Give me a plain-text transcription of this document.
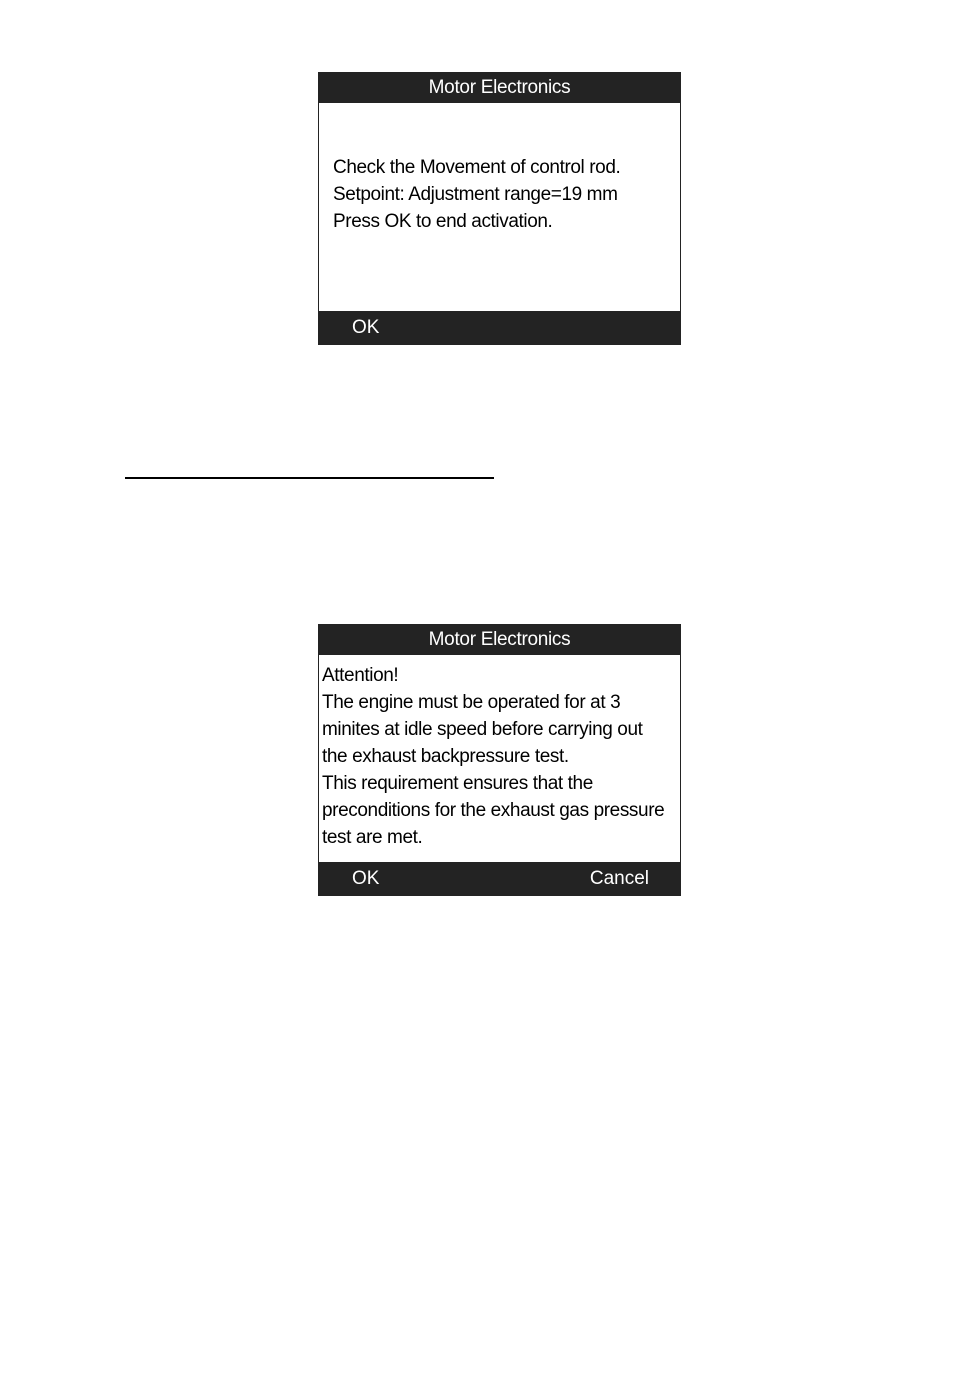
Motor Electronics
Check the Movement of control rod.
Setpoint: Adjustment range=19 mm
Press OK to end activation.
OK
Motor Electronics
Attention!
The engine must be operated for at 3
minites at idle speed before carrying out
the exhaust backpressure test.
This requirement ensures that the
preconditions for the exhaust gas pressure
test are met.
OK	Cancel
